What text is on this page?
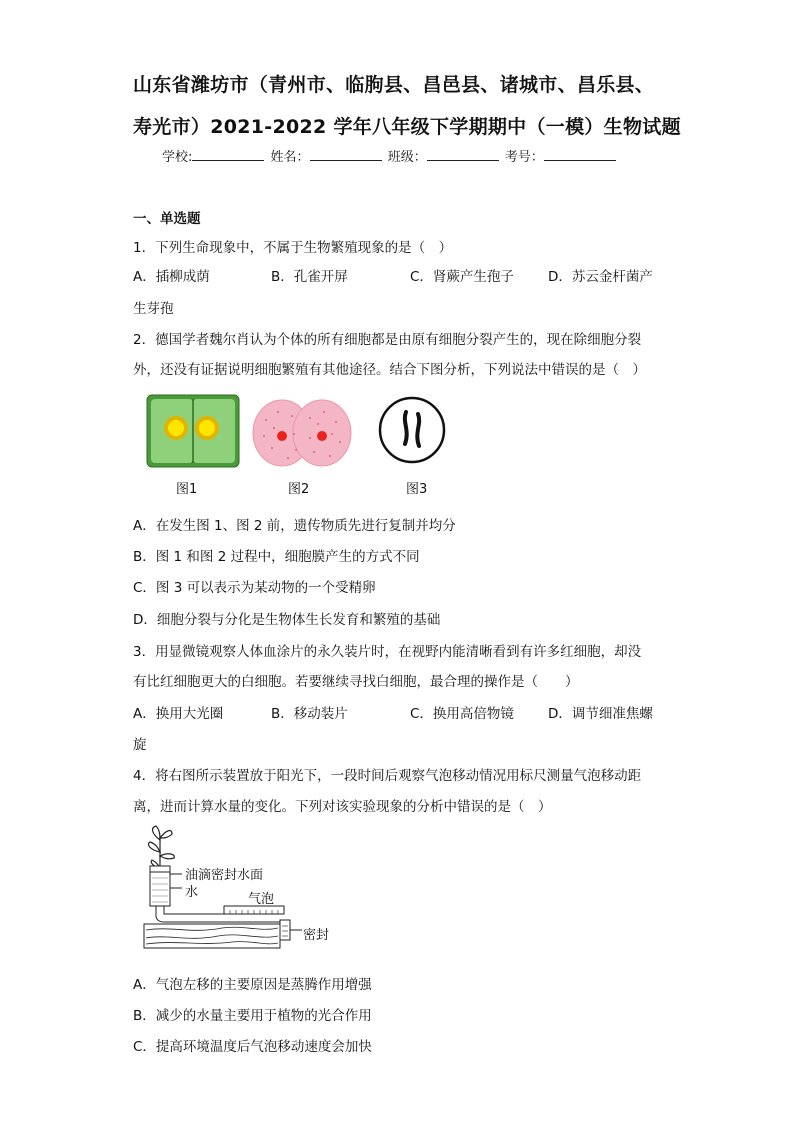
山东省潍坊市（青州市、临朐县、昌邑县、诸城市、昌乐县、
寿光市）2021-2022 学年八年级下学期期中（一模）生物试题
学校:	姓名：	班级：	考号：
一、单选题
1．下列生命现象中，不属于生物繁殖现象的是（　）
A．插柳成荫	B．孔雀开屏	C．肾蕨产生孢子	D．苏云金杆菌产
生芽孢
2．德国学者魏尔肖认为个体的所有细胞都是由原有细胞分裂产生的，现在除细胞分裂
外，还没有证据说明细胞繁殖有其他途径。结合下图分析，下列说法中错误的是（　）
图1	图2	图3
A．在发生图 1、图 2 前，遗传物质先进行复制并均分
B．图 1 和图 2 过程中，细胞膜产生的方式不同
C．图 3 可以表示为某动物的一个受精卵
D．细胞分裂与分化是生物体生长发育和繁殖的基础
3．用显微镜观察人体血涂片的永久装片时，在视野内能清晰看到有许多红细胞，却没
有比红细胞更大的白细胞。若要继续寻找白细胞，最合理的操作是（　　）
A．换用大光圈	B．移动装片	C．换用高倍物镜	D．调节细准焦螺
旋
4．将右图所示装置放于阳光下，一段时间后观察气泡移动情况用标尺测量气泡移动距
离，进而计算水量的变化。下列对该实验现象的分析中错误的是（　）
油滴密封水面
水	气泡
密封
A．气泡左移的主要原因是蒸腾作用增强
B．减少的水量主要用于植物的光合作用
C．提高环境温度后气泡移动速度会加快
